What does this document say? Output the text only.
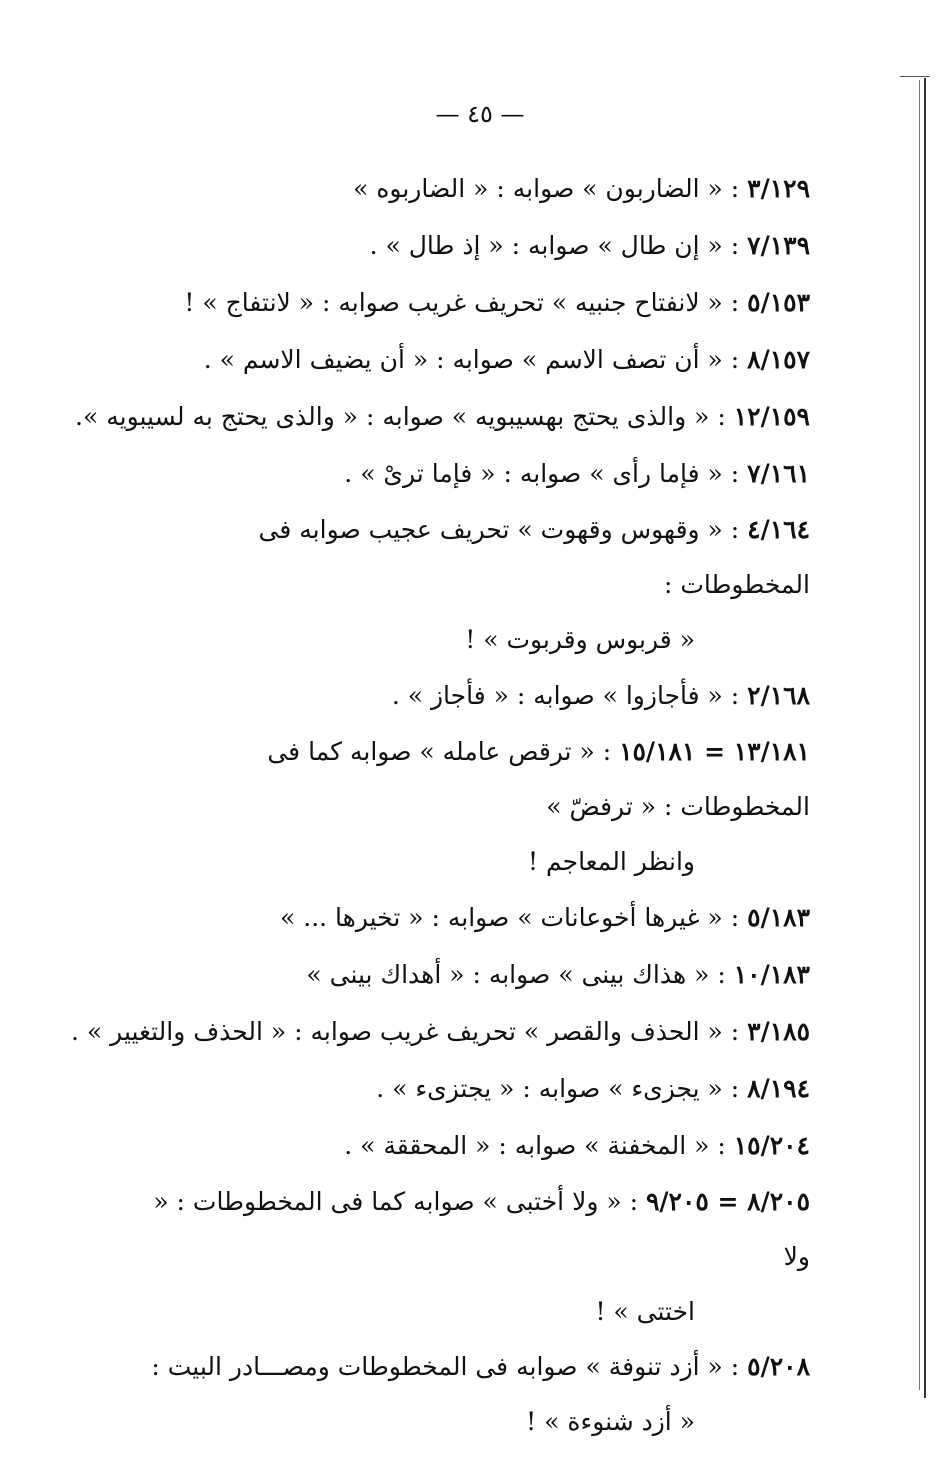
— ٤٥ —
٣/١٢٩ : « الضاربون » صوابه : « الضاربوه »
٧/١٣٩ : « إن طال » صوابه : « إذ طال » .
٥/١٥٣ : « لانفتاح جنبيه » تحريف غريب صوابه : « لانتفاج » !
٨/١٥٧ : « أن تصف الاسم » صوابه : « أن يضيف الاسم » .
١٢/١٥٩ : « والذى يحتج بهسيبويه » صوابه : « والذى يحتج به لسيبويه ».
٧/١٦١ : « فإما رأى » صوابه : « فإما ترىْ » .
٤/١٦٤ : « وقهوس وقهوت » تحريف عجيب صوابه فى المخطوطات :
« قربوس وقربوت » !
٢/١٦٨ : « فأجازوا » صوابه : « فأجاز » .
١٣/١٨١ = ١٥/١٨١ : « ترقص عامله » صوابه كما فى المخطوطات : « ترفضّ »
وانظر المعاجم !
٥/١٨٣ : « غيرها أخوعانات » صوابه : « تخيرها ... »
١٠/١٨٣ : « هذاك بينى » صوابه : « أهداك بينى »
٣/١٨٥ : « الحذف والقصر » تحريف غريب صوابه : « الحذف والتغيير » .
٨/١٩٤ : « يجزىء » صوابه : « يجتزىء » .
١٥/٢٠٤ : « المخفنة » صوابه : « المحققة » .
٨/٢٠٥ = ٩/٢٠٥ : « ولا أختبى » صوابه كما فى المخطوطات : « ولا
اختتى » !
٥/٢٠٨ : « أزد تنوفة » صوابه فى المخطوطات ومصـــادر البيت :
« أزد شنوءة » !
